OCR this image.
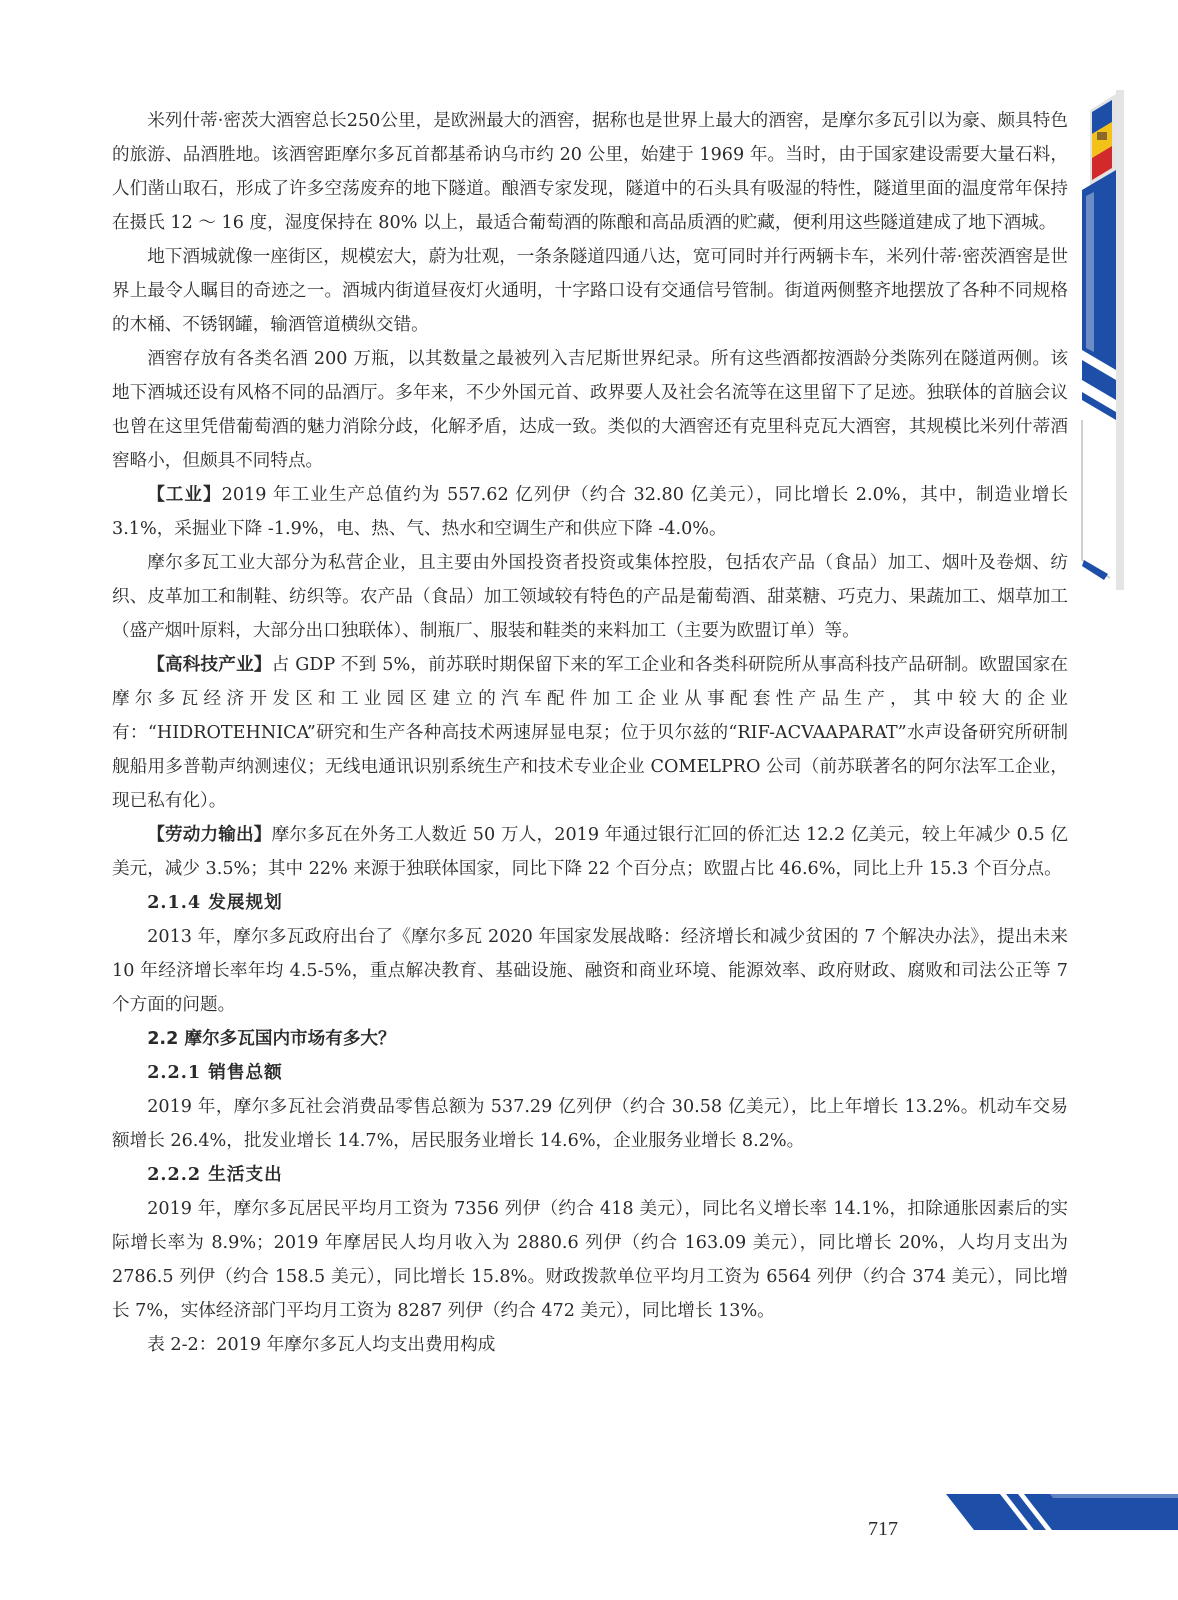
米列什蒂·密茨大酒窖总长250公里，是欧洲最大的酒窖，据称也是世界上最大的酒窖，是摩尔多瓦引以为豪、颇具特色的旅游、品酒胜地。该酒窖距摩尔多瓦首都基希讷乌市约 20 公里，始建于 1969 年。当时，由于国家建设需要大量石料，人们凿山取石，形成了许多空荡废弃的地下隧道。酿酒专家发现，隧道中的石头具有吸湿的特性，隧道里面的温度常年保持在摄氏 12 ～ 16 度，湿度保持在 80% 以上，最适合葡萄酒的陈酿和高品质酒的贮藏，便利用这些隧道建成了地下酒城。

地下酒城就像一座街区，规模宏大，蔚为壮观，一条条隧道四通八达，宽可同时并行两辆卡车，米列什蒂·密茨酒窖是世界上最令人瞩目的奇迹之一。酒城内街道昼夜灯火通明，十字路口设有交通信号管制。街道两侧整齐地摆放了各种不同规格的木桶、不锈钢罐，输酒管道横纵交错。

酒窖存放有各类名酒 200 万瓶，以其数量之最被列入吉尼斯世界纪录。所有这些酒都按酒龄分类陈列在隧道两侧。该地下酒城还设有风格不同的品酒厅。多年来，不少外国元首、政界要人及社会名流等在这里留下了足迹。独联体的首脑会议也曾在这里凭借葡萄酒的魅力消除分歧，化解矛盾，达成一致。类似的大酒窖还有克里科克瓦大酒窖，其规模比米列什蒂酒窖略小，但颇具不同特点。

【工业】2019 年工业生产总值约为 557.62 亿列伊（约合 32.80 亿美元），同比增长 2.0%，其中，制造业增长 3.1%，采掘业下降 -1.9%，电、热、气、热水和空调生产和供应下降 -4.0%。

摩尔多瓦工业大部分为私营企业，且主要由外国投资者投资或集体控股，包括农产品（食品）加工、烟叶及卷烟、纺织、皮革加工和制鞋、纺织等。农产品（食品）加工领域较有特色的产品是葡萄酒、甜菜糖、巧克力、果蔬加工、烟草加工（盛产烟叶原料，大部分出口独联体）、制瓶厂、服装和鞋类的来料加工（主要为欧盟订单）等。

【高科技产业】占 GDP 不到 5%，前苏联时期保留下来的军工企业和各类科研院所从事高科技产品研制。欧盟国家在摩尔多瓦经济开发区和工业园区建立的汽车配件加工企业从事配套性产品生产，其中较大的企业有：“HIDROTEHNICA”研究和生产各种高技术两速屏显电泵；位于贝尔兹的“RIF-ACVAAPARAT”水声设备研究所研制舰船用多普勒声纳测速仪；无线电通讯识别系统生产和技术专业企业 COMELPRO 公司（前苏联著名的阿尔法军工企业，现已私有化）。

【劳动力输出】摩尔多瓦在外务工人数近 50 万人，2019 年通过银行汇回的侨汇达 12.2 亿美元，较上年减少 0.5 亿美元，减少 3.5%；其中 22% 来源于独联体国家，同比下降 22 个百分点；欧盟占比 46.6%，同比上升 15.3 个百分点。

2.1.4 发展规划

2013 年，摩尔多瓦政府出台了《摩尔多瓦 2020 年国家发展战略：经济增长和减少贫困的 7 个解决办法》，提出未来 10 年经济增长率年均 4.5-5%，重点解决教育、基础设施、融资和商业环境、能源效率、政府财政、腐败和司法公正等 7 个方面的问题。

2.2 摩尔多瓦国内市场有多大？
2.2.1 销售总额

2019 年，摩尔多瓦社会消费品零售总额为 537.29 亿列伊（约合 30.58 亿美元），比上年增长 13.2%。机动车交易额增长 26.4%，批发业增长 14.7%，居民服务业增长 14.6%，企业服务业增长 8.2%。

2.2.2 生活支出

2019 年，摩尔多瓦居民平均月工资为 7356 列伊（约合 418 美元），同比名义增长率 14.1%，扣除通胀因素后的实际增长率为 8.9%；2019 年摩居民人均月收入为 2880.6 列伊（约合 163.09 美元），同比增长 20%，人均月支出为 2786.5 列伊（约合 158.5 美元），同比增长 15.8%。财政拨款单位平均月工资为 6564 列伊（约合 374 美元），同比增长 7%，实体经济部门平均月工资为 8287 列伊（约合 472 美元），同比增长 13%。

表 2-2：2019 年摩尔多瓦人均支出费用构成
717
